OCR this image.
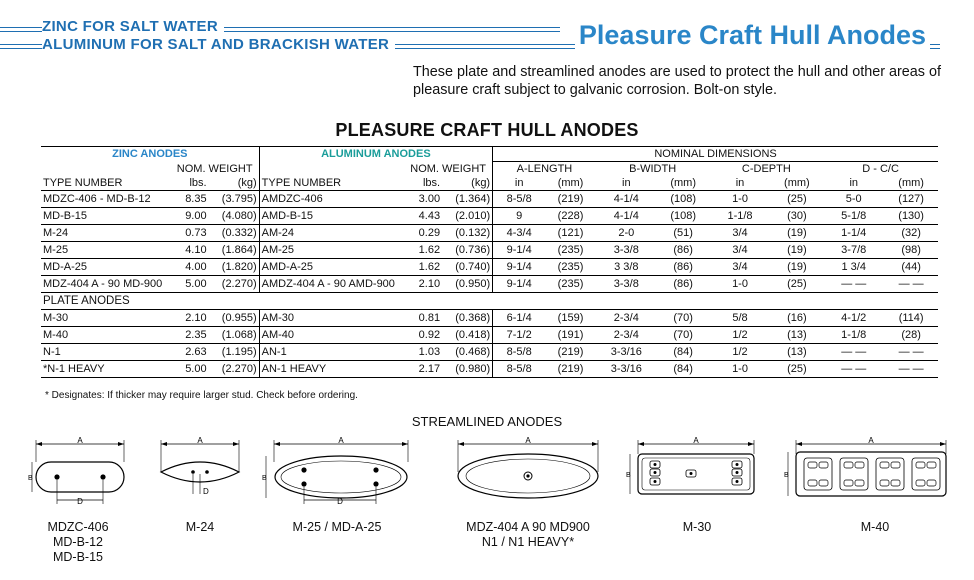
ZINC FOR SALT WATER
ALUMINUM FOR SALT AND BRACKISH WATER	Pleasure Craft Hull Anodes
These plate and streamlined anodes are used to protect the hull and other areas of pleasure craft subject to galvanic corrosion. Bolt-on style.
PLEASURE CRAFT HULL ANODES
ZINC ANODES			ALUMINUM ANODES			NOMINAL DIMENSIONS							
	NOM. WEIGHT			NOM. WEIGHT		A-LENGTH		B-WIDTH		C-DEPTH		D - C/C	
TYPE NUMBER	lbs.	(kg)	TYPE NUMBER	lbs.	(kg)	in	(mm)	in	(mm)	in	(mm)	in	(mm)
MDZC-406 - MD-B-12	8.35	(3.795)	AMDZC-406	3.00	(1.364)	8-5/8	(219)	4-1/4	(108)	1-0	(25)	5-0	(127)
MD-B-15	9.00	(4.080)	AMD-B-15	4.43	(2.010)	9	(228)	4-1/4	(108)	1-1/8	(30)	5-1/8	(130)
M-24	0.73	(0.332)	AM-24	0.29	(0.132)	4-3/4	(121)	2-0	(51)	3/4	(19)	1-1/4	(32)
M-25	4.10	(1.864)	AM-25	1.62	(0.736)	9-1/4	(235)	3-3/8	(86)	3/4	(19)	3-7/8	(98)
MD-A-25	4.00	(1.820)	AMD-A-25	1.62	(0.740)	9-1/4	(235)	3 3/8	(86)	3/4	(19)	1 3/4	(44)
MDZ-404 A - 90 MD-900	5.00	(2.270)	AMDZ-404 A - 90 AMD-900	2.10	(0.950)	9-1/4	(235)	3-3/8	(86)	1-0	(25)	— —	— —
PLATE ANODES													
M-30	2.10	(0.955)	AM-30	0.81	(0.368)	6-1/4	(159)	2-3/4	(70)	5/8	(16)	4-1/2	(114)
M-40	2.35	(1.068)	AM-40	0.92	(0.418)	7-1/2	(191)	2-3/4	(70)	1/2	(13)	1-1/8	(28)
N-1	2.63	(1.195)	AN-1	1.03	(0.468)	8-5/8	(219)	3-3/16	(84)	1/2	(13)	— —	— —
*N-1 HEAVY	5.00	(2.270)	AN-1 HEAVY	2.17	(0.980)	8-5/8	(219)	3-3/16	(84)	1-0	(25)	— —	— —
* Designates: If thicker may require larger stud. Check before ordering.
STREAMLINED ANODES
A
D
B
MDZC-406
MD-B-12
MD-B-15
A
D
M-24
A
D
B
M-25 / MD-A-25
A
MDZ-404 A 90 MD900
N1 / N1 HEAVY*
A
B
M-30
A
B
M-40
